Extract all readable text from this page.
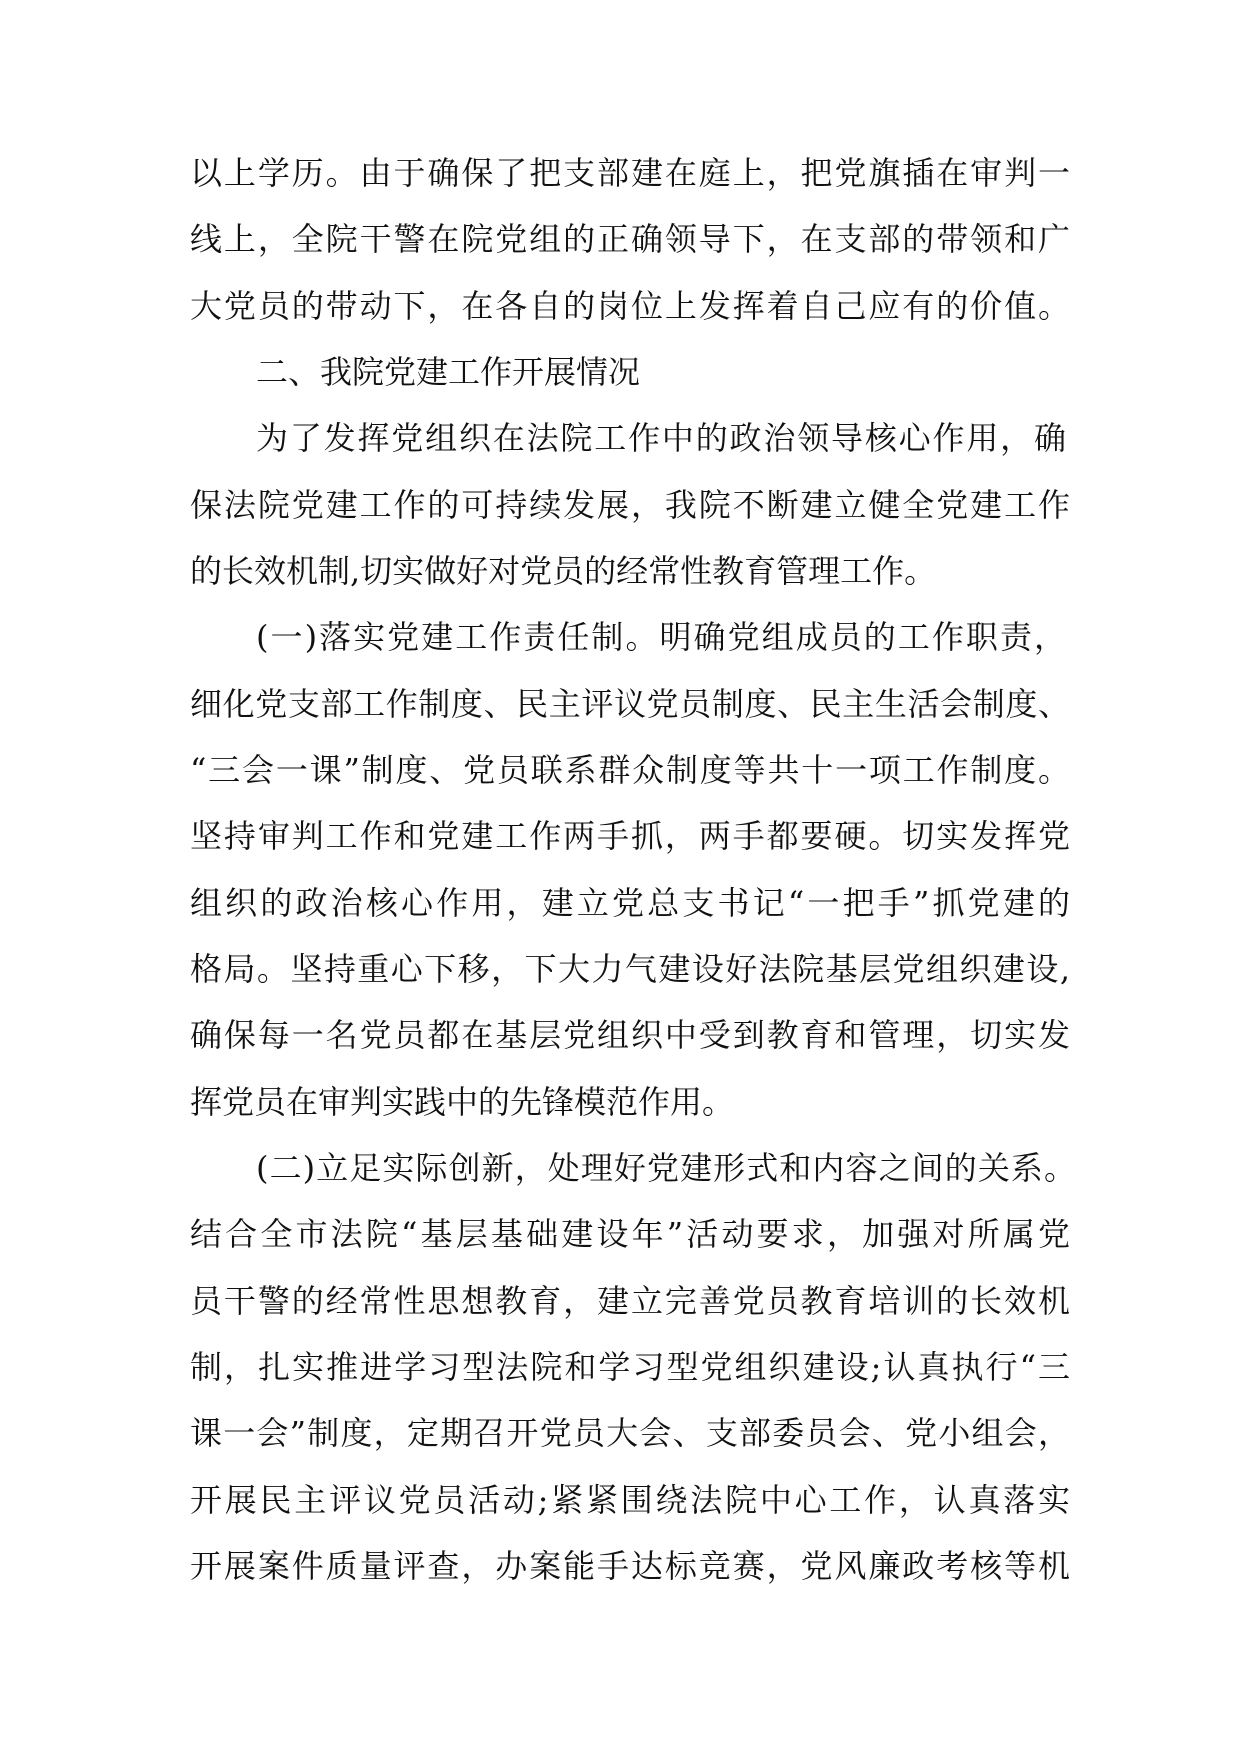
以上学历。由于确保了把支部建在庭上，把党旗插在审判一
线上，全院干警在院党组的正确领导下，在支部的带领和广
大党员的带动下，在各自的岗位上发挥着自己应有的价值。
二、我院党建工作开展情况
为了发挥党组织在法院工作中的政治领导核心作用，确
保法院党建工作的可持续发展，我院不断建立健全党建工作
的长效机制,切实做好对党员的经常性教育管理工作。
(一)落实党建工作责任制。明确党组成员的工作职责，
细化党支部工作制度、民主评议党员制度、民主生活会制度、
“三会一课”制度、党员联系群众制度等共十一项工作制度。
坚持审判工作和党建工作两手抓，两手都要硬。切实发挥党
组织的政治核心作用，建立党总支书记“一把手”抓党建的
格局。坚持重心下移，下大力气建设好法院基层党组织建设,
确保每一名党员都在基层党组织中受到教育和管理，切实发
挥党员在审判实践中的先锋模范作用。
(二)立足实际创新，处理好党建形式和内容之间的关系。
结合全市法院“基层基础建设年”活动要求，加强对所属党
员干警的经常性思想教育，建立完善党员教育培训的长效机
制，扎实推进学习型法院和学习型党组织建设;认真执行“三
课一会”制度，定期召开党员大会、支部委员会、党小组会，
开展民主评议党员活动;紧紧围绕法院中心工作，认真落实
开展案件质量评查，办案能手达标竞赛，党风廉政考核等机
